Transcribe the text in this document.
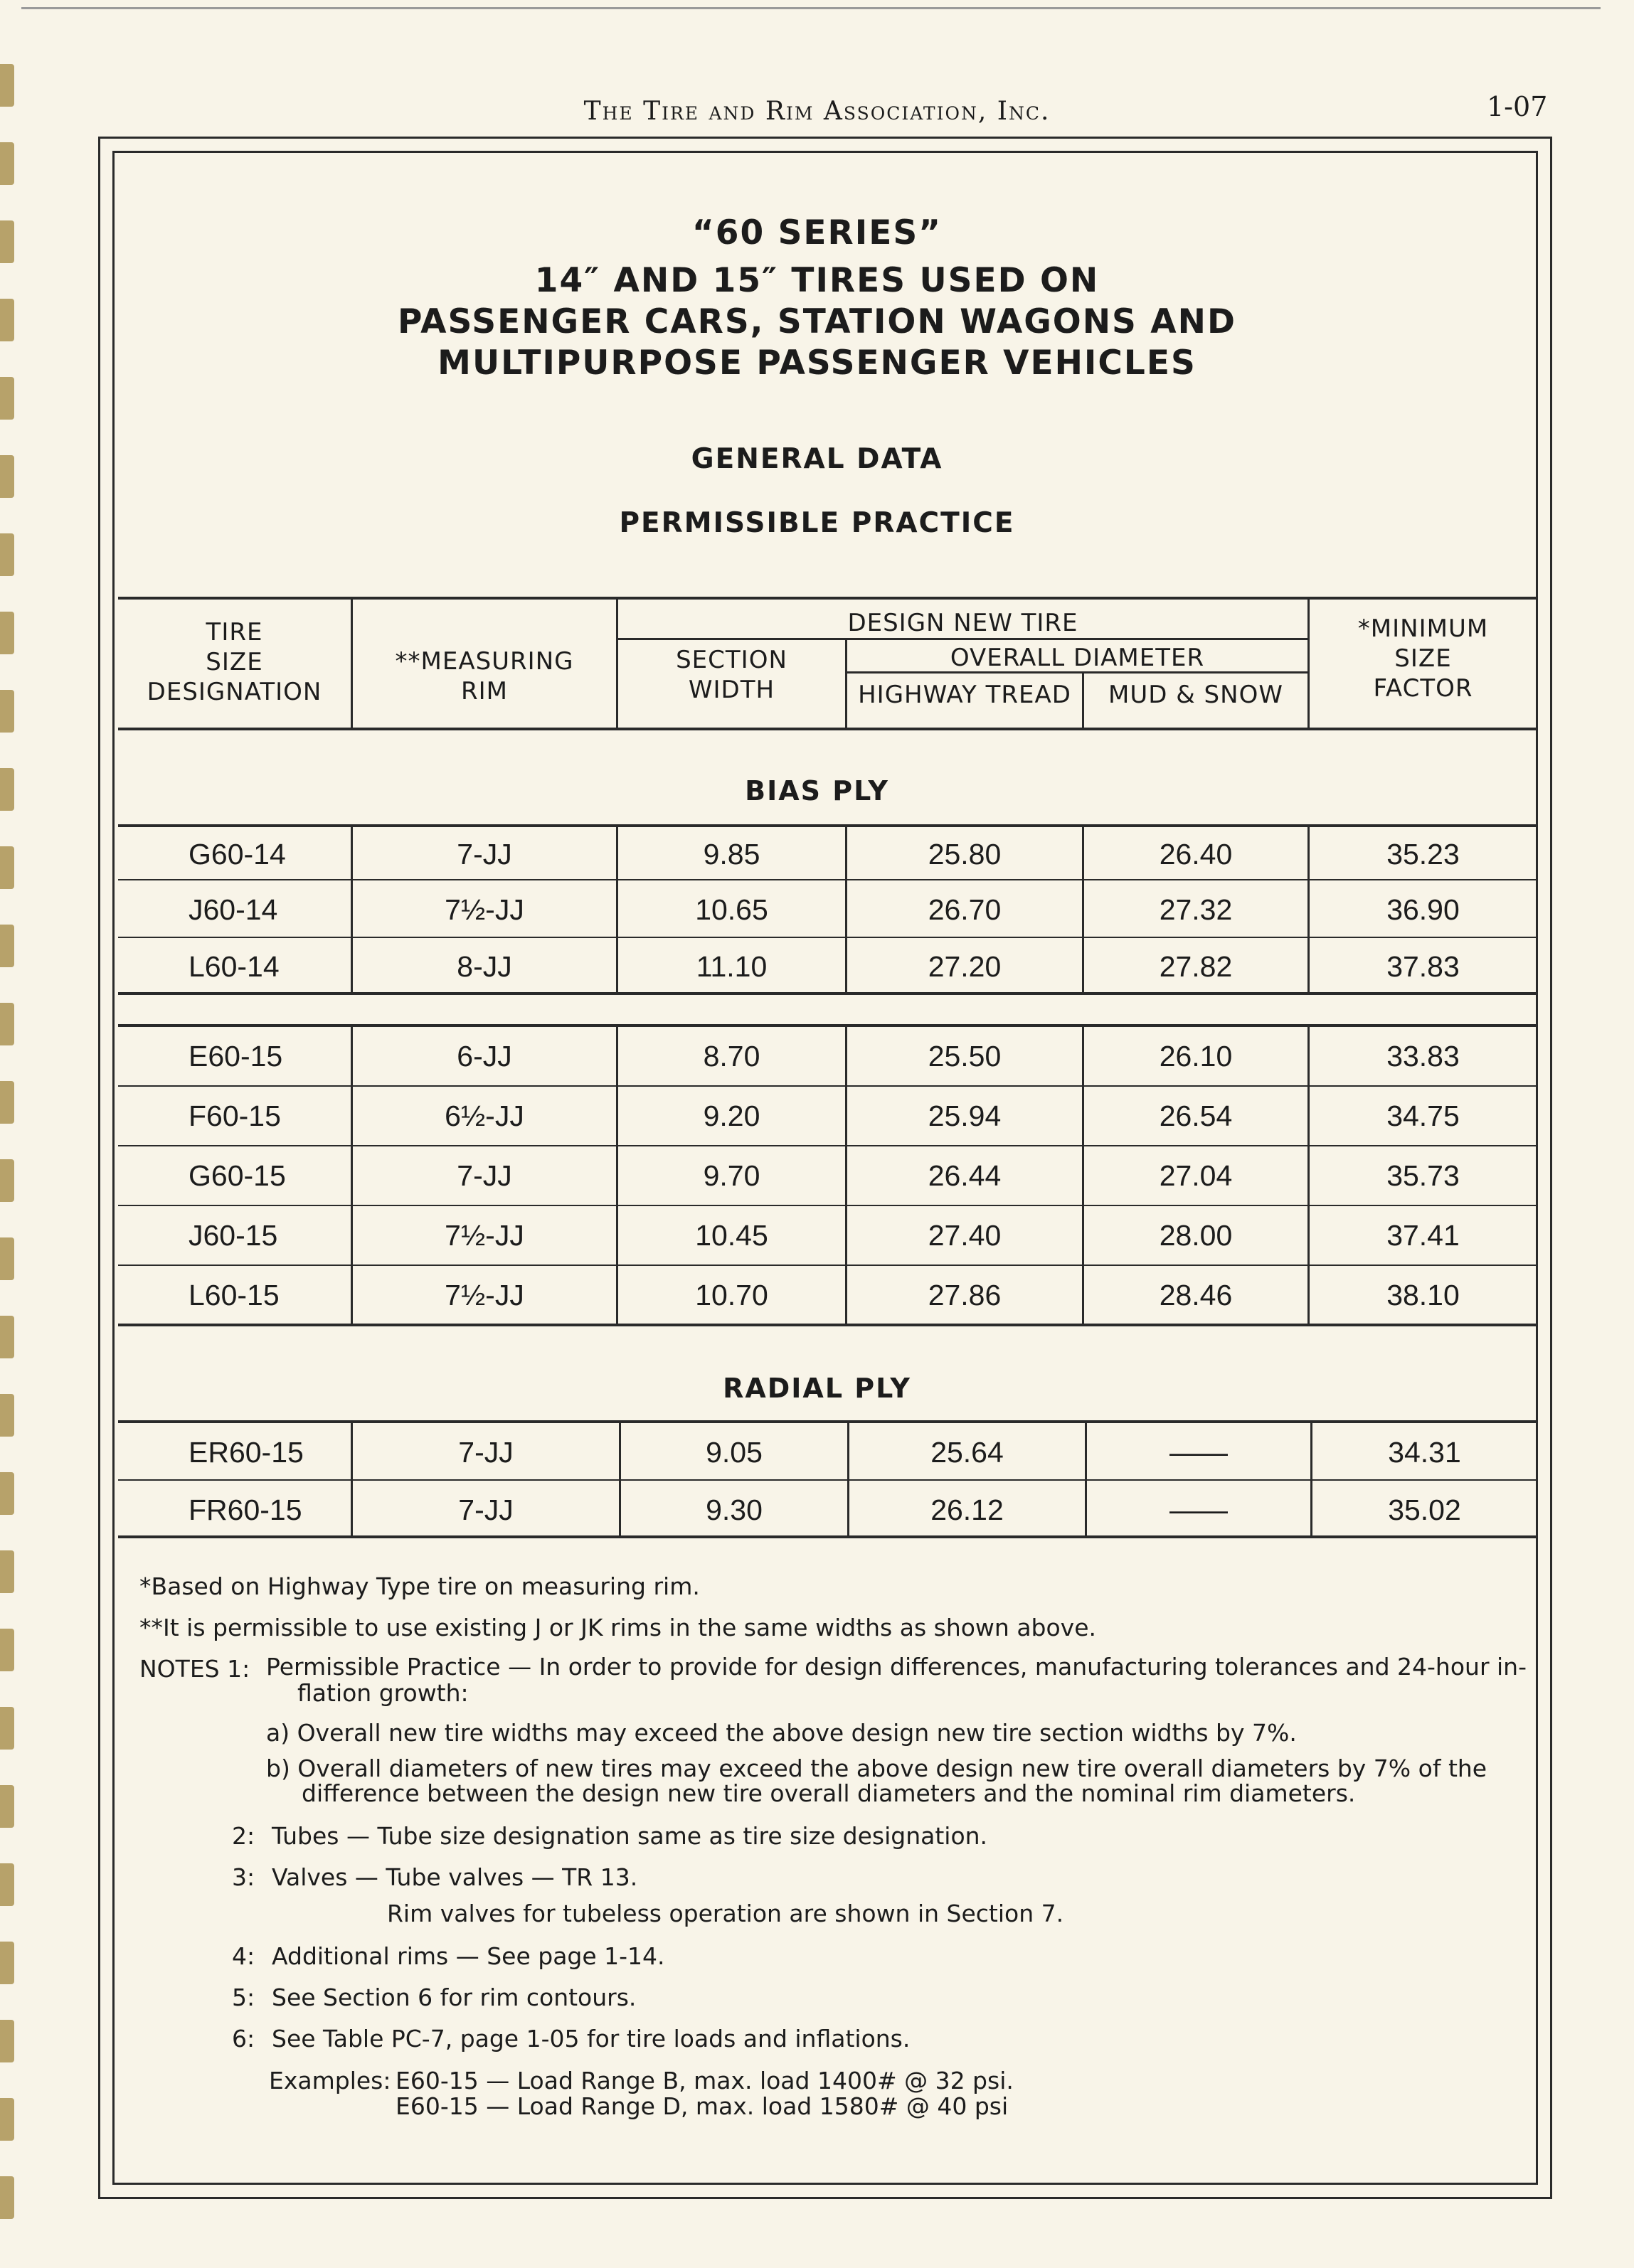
The Tire and Rim Association, Inc.	1-07
“60 SERIES”
14″ AND 15″ TIRES USED ON
PASSENGER CARS, STATION WAGONS AND
MULTIPURPOSE PASSENGER VEHICLES
GENERAL DATA
PERMISSIBLE PRACTICE
TIRE
SIZE
DESIGNATION
**MEASURING
RIM
DESIGN NEW TIRE
SECTION
WIDTH
OVERALL DIAMETER
HIGHWAY TREAD	MUD & SNOW
*MINIMUM
SIZE
FACTOR
BIAS PLY
G60-14	7-JJ	9.85	25.80	26.40	35.23
J60-14	7½-JJ	10.65	26.70	27.32	36.90
L60-14	8-JJ	11.10	27.20	27.82	37.83
E60-15	6-JJ	8.70	25.50	26.10	33.83
F60-15	6½-JJ	9.20	25.94	26.54	34.75
G60-15	7-JJ	9.70	26.44	27.04	35.73
J60-15	7½-JJ	10.45	27.40	28.00	37.41
L60-15	7½-JJ	10.70	27.86	28.46	38.10
RADIAL PLY
ER60-15	7-JJ	9.05	25.64	——	34.31
FR60-15	7-JJ	9.30	26.12	——	35.02
*Based on Highway Type tire on measuring rim.
**It is permissible to use existing J or JK rims in the same widths as shown above.
NOTES 1: Permissible Practice — In order to provide for design differences, manufacturing tolerances and 24-hour in-
flation growth:
a) Overall new tire widths may exceed the above design new tire section widths by 7%.
b) Overall diameters of new tires may exceed the above design new tire overall diameters by 7% of the
difference between the design new tire overall diameters and the nominal rim diameters.
2: Tubes — Tube size designation same as tire size designation.
3: Valves — Tube valves — TR 13.
Rim valves for tubeless operation are shown in Section 7.
4: Additional rims — See page 1-14.
5: See Section 6 for rim contours.
6: See Table PC-7, page 1-05 for tire loads and inflations.
Examples: E60-15 — Load Range B, max. load 1400# @ 32 psi.
E60-15 — Load Range D, max. load 1580# @ 40 psi
